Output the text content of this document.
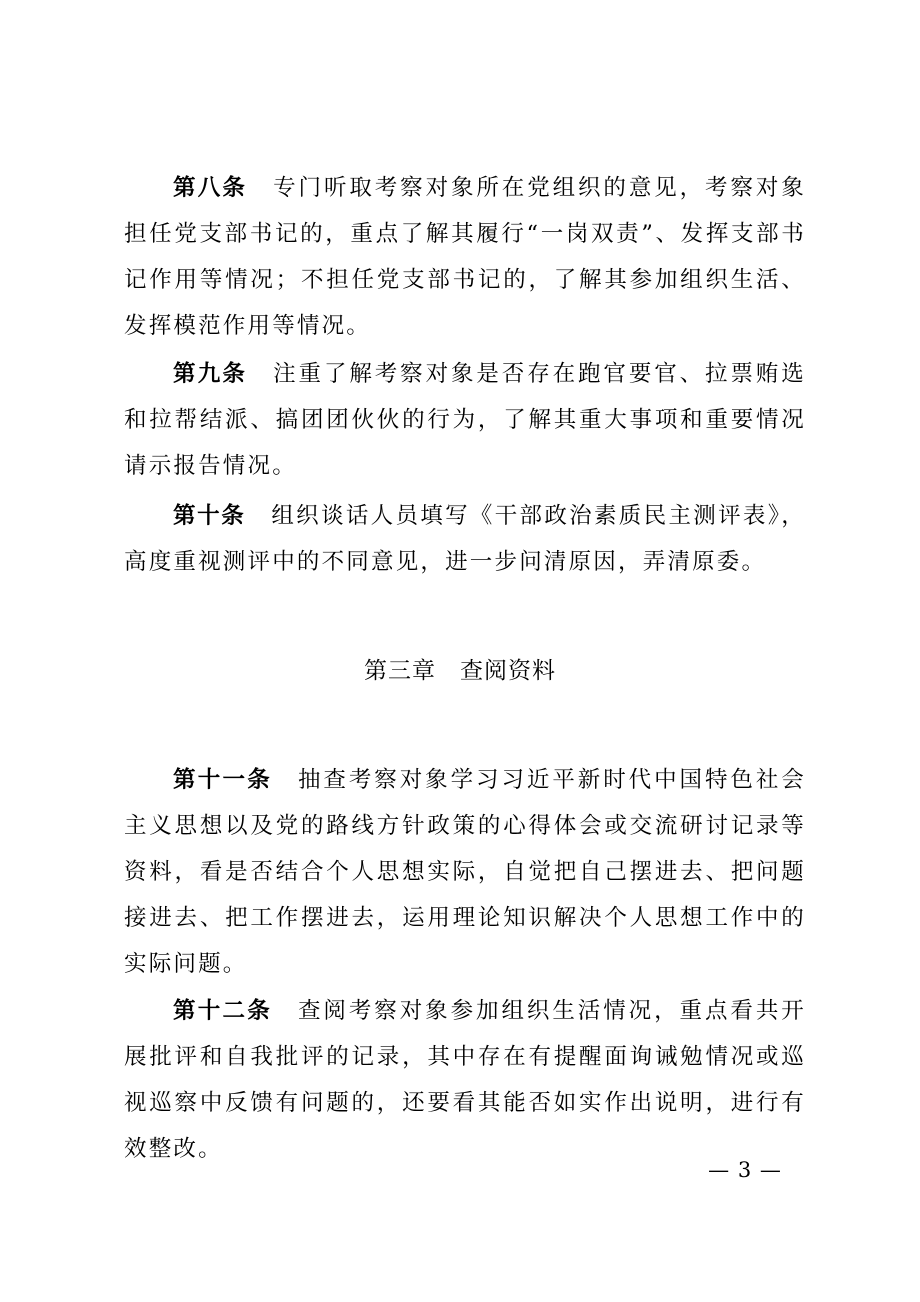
第八条 专门听取考察对象所在党组织的意见，考察对象担任党支部书记的，重点了解其履行“一岗双责”、发挥支部书记作用等情况；不担任党支部书记的，了解其参加组织生活、发挥模范作用等情况。

第九条 注重了解考察对象是否存在跑官要官、拉票贿选和拉帮结派、搞团团伙伙的行为，了解其重大事项和重要情况请示报告情况。

第十条 组织谈话人员填写《干部政治素质民主测评表》，高度重视测评中的不同意见，进一步问清原因，弄清原委。

第三章 查阅资料

第十一条 抽查考察对象学习习近平新时代中国特色社会主义思想以及党的路线方针政策的心得体会或交流研讨记录等资料，看是否结合个人思想实际，自觉把自己摆进去、把问题接进去、把工作摆进去，运用理论知识解决个人思想工作中的实际问题。

第十二条 查阅考察对象参加组织生活情况，重点看共开展批评和自我批评的记录，其中存在有提醒面询诫勉情况或巡视巡察中反馈有问题的，还要看其能否如实作出说明，进行有效整改。

— 3 —
